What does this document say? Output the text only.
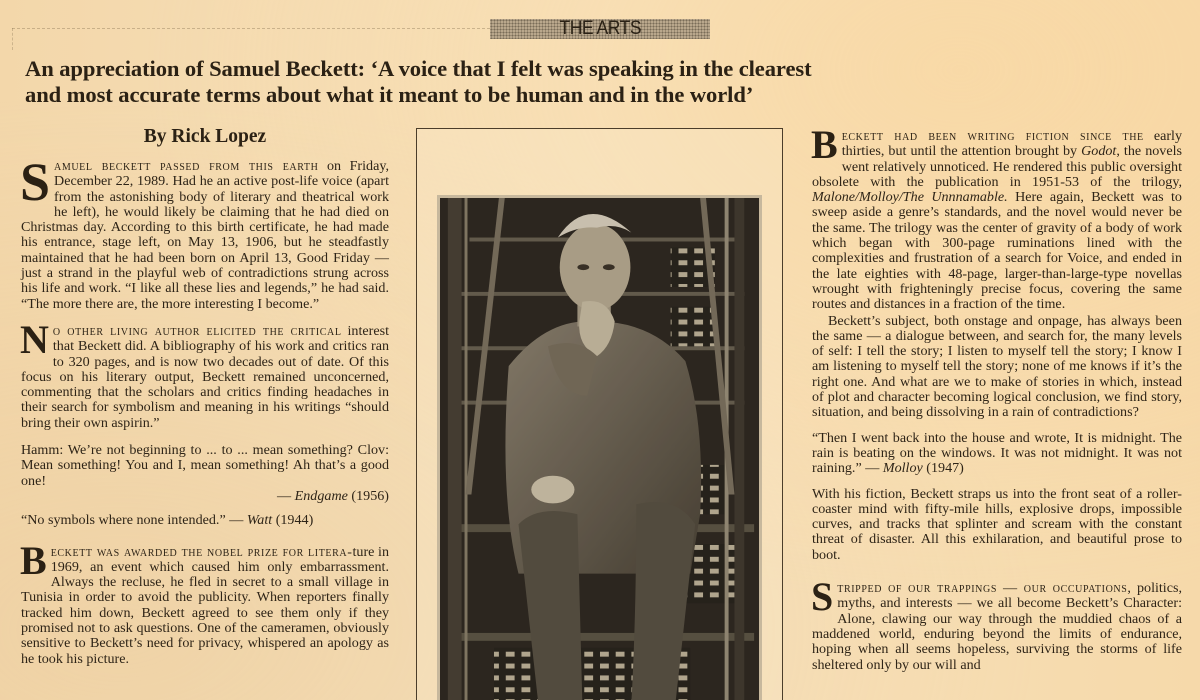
THE ARTS
An appreciation of Samuel Beckett: ‘A voice that I felt was speaking in the clearest
and most accurate terms about what it meant to be human and in the world’
By Rick Lopez

Samuel beckett passed from this earth on Friday, December 22, 1989. Had he an active post-life voice (apart from the astonishing body of literary and theatrical work he left), he would likely be claiming that he had died on Christmas day. According to this birth certificate, he had made his entrance, stage left, on May 13, 1906, but he steadfastly maintained that he had been born on April 13, Good Friday — just a strand in the playful web of contradictions strung across his life and work. “I like all these lies and legends,” he had said. “The more there are, the more interesting I become.”

N o other living author elicited the critical interest that Beckett did. A bibliography of his work and critics ran to 320 pages, and is now two decades out of date. Of this focus on his literary output, Beckett remained unconcerned, commenting that the scholars and critics finding headaches in their search for symbolism and meaning in his writings “should bring their own aspirin.”

Hamm: We’re not beginning to ... to ... mean something? Clov: Mean something! You and I, mean something! Ah that’s a good one!

— Endgame (1956)

“No symbols where none intended.” — Watt (1944)

Beckett was awarded the nobel prize for litera-ture in 1969, an event which caused him only embarrassment. Always the recluse, he fled in secret to a small village in Tunisia in order to avoid the publicity. When reporters finally tracked him down, Beckett agreed to see them only if they promised not to ask questions. One of the cameramen, obviously sensitive to Beckett’s need for privacy, whispered an apology as he took his picture.

Beckett had been writing fiction since the early thirties, but until the attention brought by Godot, the novels went relatively unnoticed. He rendered this public oversight obsolete with the publication in 1951-53 of the trilogy, Malone/Molloy/The Unnnamable. Here again, Beckett was to sweep aside a genre’s standards, and the novel would never be the same. The trilogy was the center of gravity of a body of work which began with 300-page ruminations lined with the complexities and frustration of a search for Voice, and ended in the late eighties with 48-page, larger-than-large-type novellas wrought with frighteningly precise focus, covering the same routes and distances in a fraction of the time.

Beckett’s subject, both onstage and onpage, has always been the same — a dialogue between, and search for, the many levels of self: I tell the story; I listen to myself tell the story; I know I am listening to myself tell the story; none of me knows if it’s the right one. And what are we to make of stories in which, instead of plot and character becoming logical conclusion, we find story, situation, and being dissolving in a rain of contradictions?

“Then I went back into the house and wrote, It is midnight. The rain is beating on the windows. It was not midnight. It was not raining.” — Molloy (1947)

With his fiction, Beckett straps us into the front seat of a roller-coaster mind with fifty-mile hills, explosive drops, impossible curves, and tracks that splinter and scream with the constant threat of disaster. All this exhilaration, and beautiful prose to boot.

Stripped of our trappings — our occupations, politics, myths, and interests — we all become Beckett’s Character: Alone, clawing our way through the muddied chaos of a maddened world, enduring beyond the limits of endurance, hoping when all seems hopeless, surviving the storms of life sheltered only by our will and
